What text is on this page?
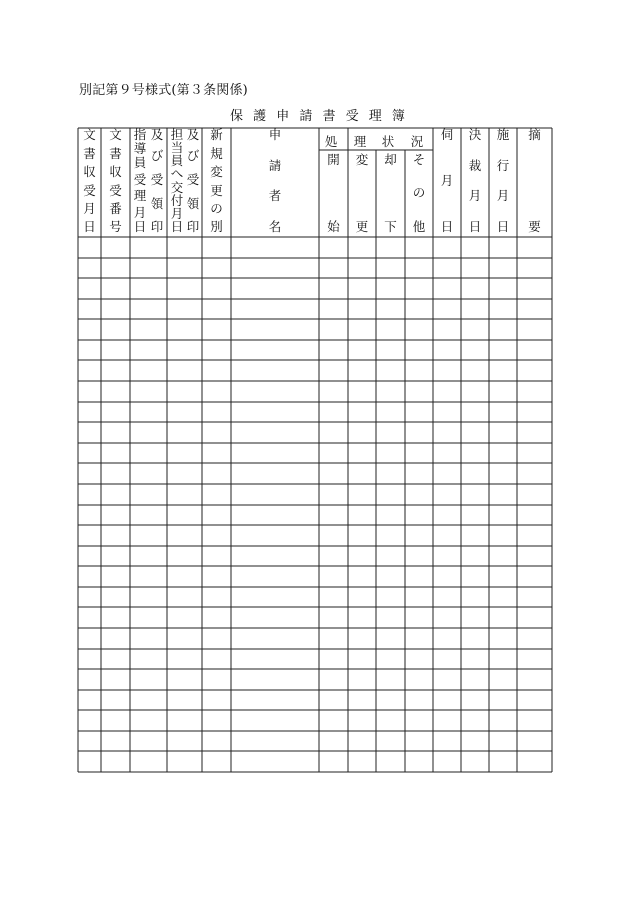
別記第９号様式(第３条関係)
保 護 申 請 書 受 理 簿
文
書
収
受
月
日
文
書
収
受
番
号
指
導
員
受
理
月
日
及
び
受
領
印
担
当
員
へ
交
付
月
日
及
び
受
領
印
新
規
変
更
の
別
申
請
者
名
処 理 状 況
開
始
変
更
却
下
そ
の
他
伺
月
日
決
裁
月
日
施
行
月
日
摘
要
